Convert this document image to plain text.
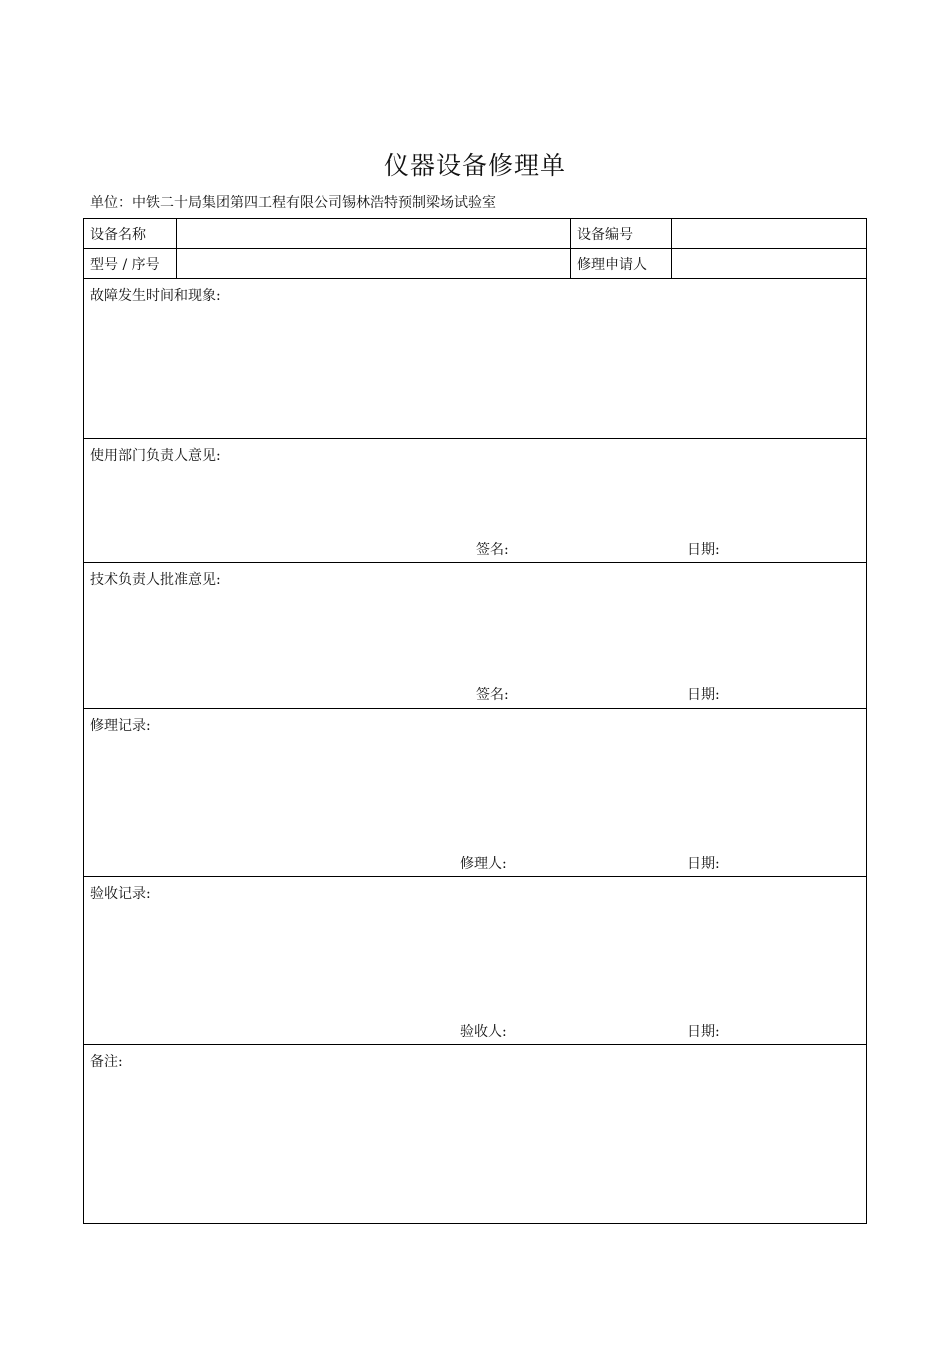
仪器设备修理单
单位：中铁二十局集团第四工程有限公司锡林浩特预制梁场试验室
设备名称	设备编号
型号 / 序号	修理申请人
故障发生时间和现象:
使用部门负责人意见:
签名:	日期:
技术负责人批准意见:
签名:	日期:
修理记录:
修理人:	日期:
验收记录:
验收人:	日期:
备注:
